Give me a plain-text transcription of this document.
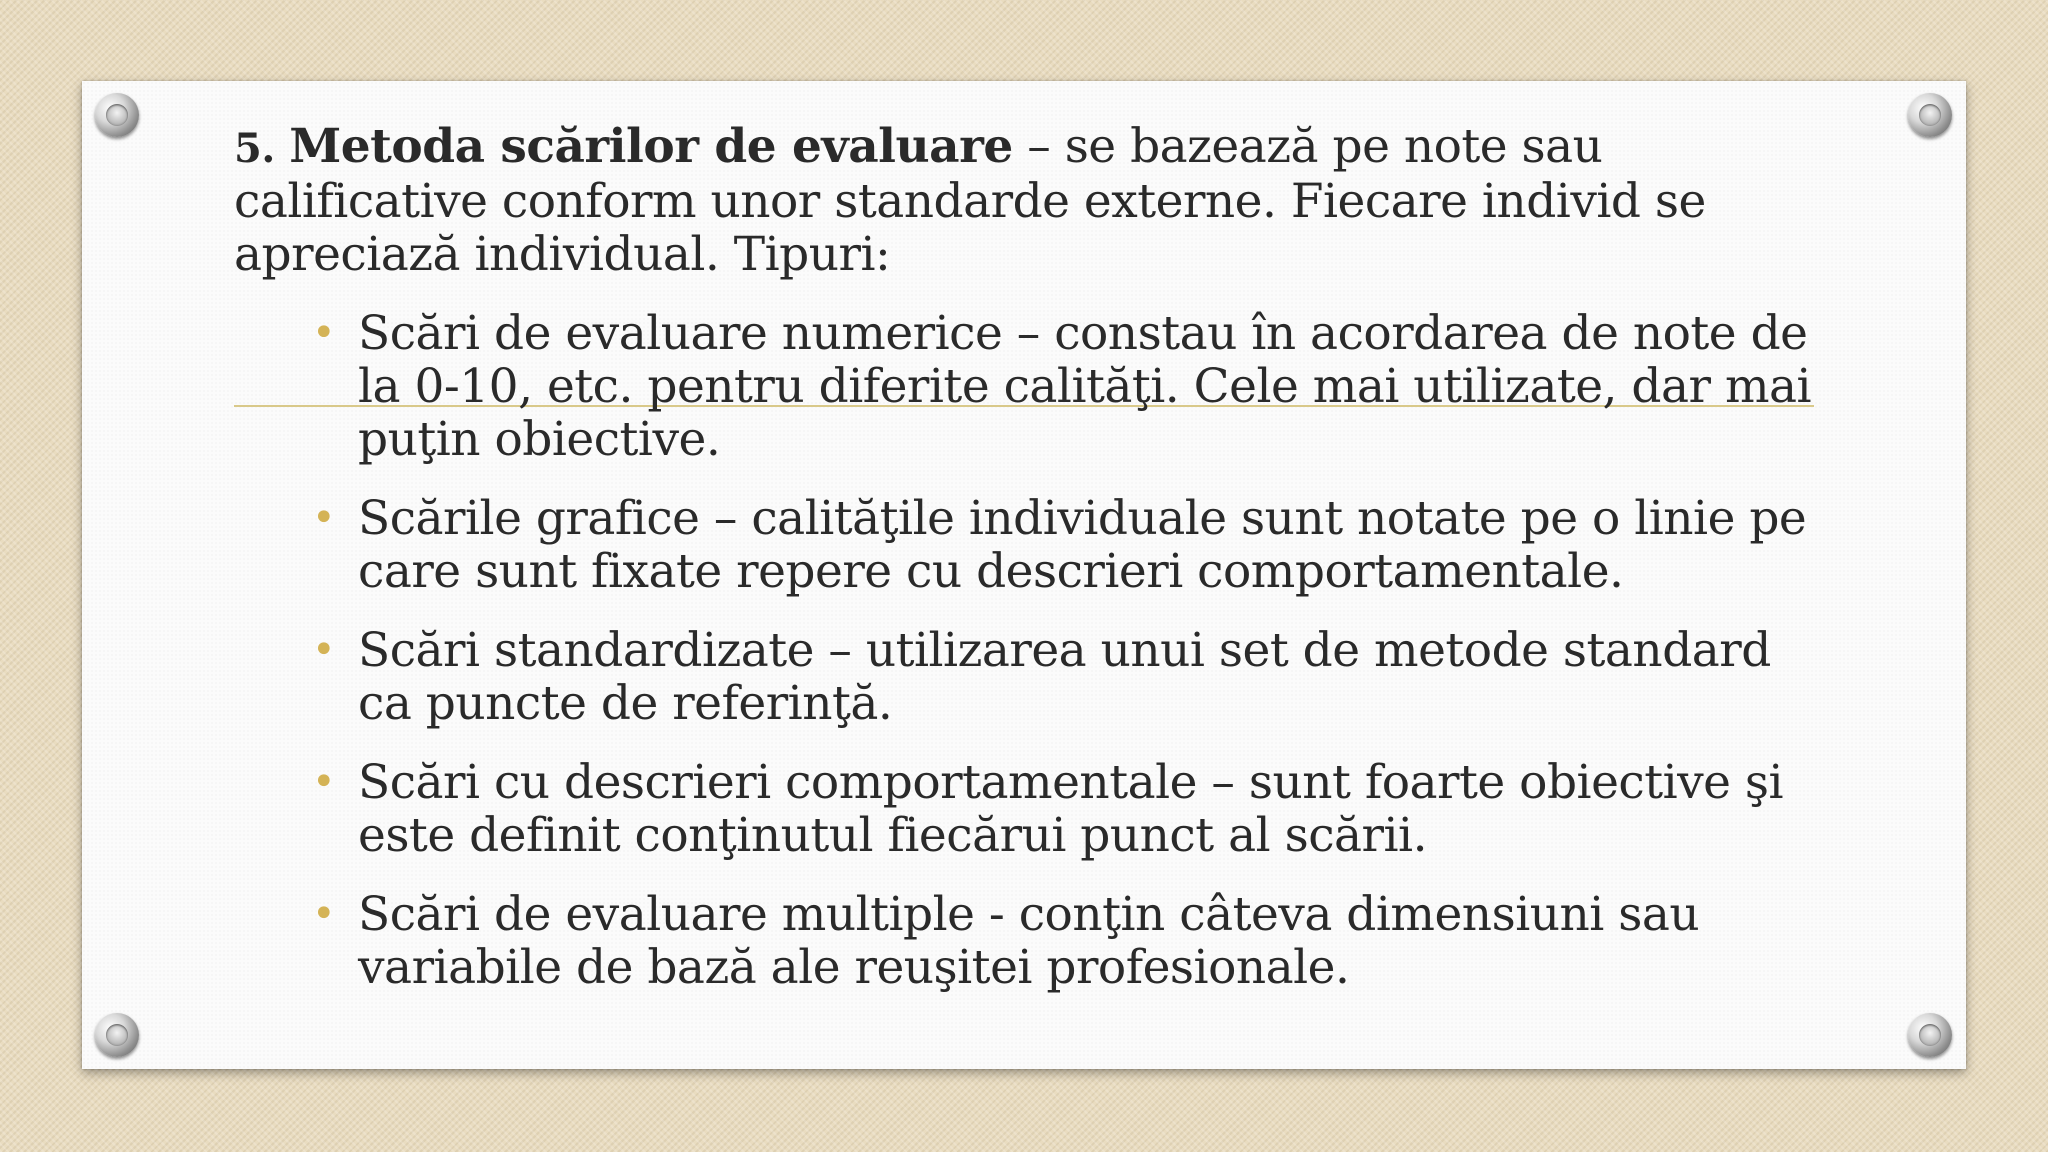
5. Metoda scărilor de evaluare – se bazează pe note sau calificative conform unor standarde externe. Fiecare individ se apreciază individual. Tipuri:

• Scări de evaluare numerice – constau în acordarea de note de la 0-10, etc. pentru diferite calităţi. Cele mai utilizate, dar mai puţin obiective.
• Scările grafice – calităţile individuale sunt notate pe o linie pe care sunt fixate repere cu descrieri comportamentale.
• Scări standardizate – utilizarea unui set de metode standard ca puncte de referinţă.
• Scări cu descrieri comportamentale – sunt foarte obiective şi este definit conţinutul fiecărui punct al scării.
• Scări de evaluare multiple - conţin câteva dimensiuni sau variabile de bază ale reuşitei profesionale.
